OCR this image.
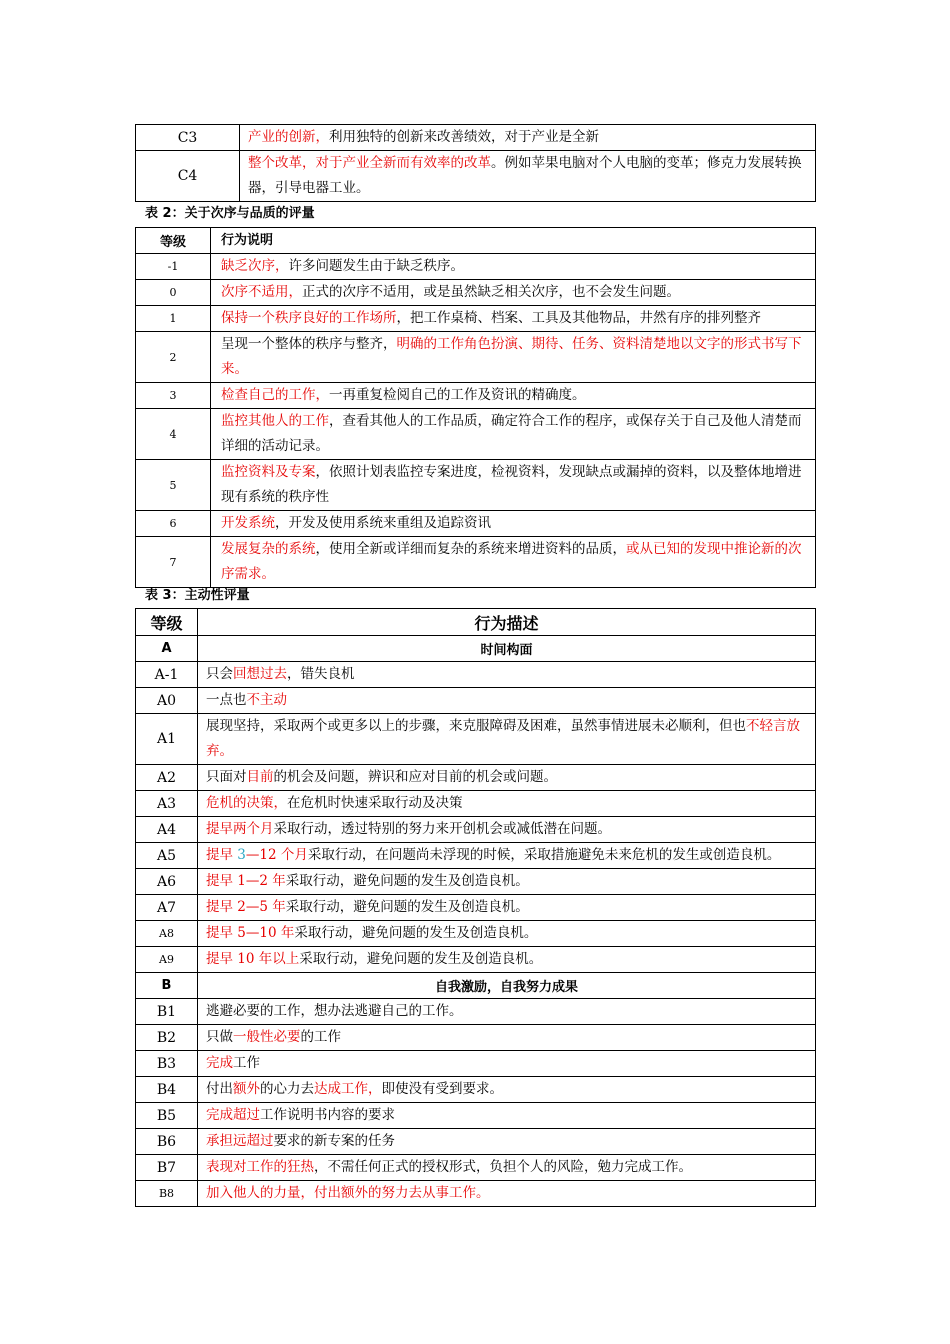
C3	产业的创新，利用独特的创新来改善绩效，对于产业是全新
C4	整个改革，对于产业全新而有效率的改革。例如苹果电脑对个人电脑的变革；修克力发展转换器，引导电器工业。
表 2：关于次序与品质的评量
等级	行为说明
-1	缺乏次序，许多问题发生由于缺乏秩序。
0	次序不适用，正式的次序不适用，或是虽然缺乏相关次序，也不会发生问题。
1	保持一个秩序良好的工作场所，把工作桌椅、档案、工具及其他物品，井然有序的排列整齐
2	呈现一个整体的秩序与整齐，明确的工作角色扮演、期待、任务、资料清楚地以文字的形式书写下来。
3	检查自己的工作，一再重复检阅自己的工作及资讯的精确度。
4	监控其他人的工作，查看其他人的工作品质，确定符合工作的程序，或保存关于自己及他人清楚而详细的活动记录。
5	监控资料及专案，依照计划表监控专案进度，检视资料，发现缺点或漏掉的资料，以及整体地增进现有系统的秩序性
6	开发系统，开发及使用系统来重组及追踪资讯
7	发展复杂的系统，使用全新或详细而复杂的系统来增进资料的品质，或从已知的发现中推论新的次序需求。
表 3：主动性评量
等级	行为描述
A	时间构面
A-1	只会回想过去，错失良机
A0	一点也不主动
A1	展现坚持，采取两个或更多以上的步骤，来克服障碍及困难，虽然事情进展未必顺利，但也不轻言放弃。
A2	只面对目前的机会及问题，辨识和应对目前的机会或问题。
A3	危机的决策，在危机时快速采取行动及决策
A4	提早两个月采取行动，透过特别的努力来开创机会或减低潜在问题。
A5	提早 3—12 个月采取行动，在问题尚未浮现的时候，采取措施避免未来危机的发生或创造良机。
A6	提早 1—2 年采取行动，避免问题的发生及创造良机。
A7	提早 2—5 年采取行动，避免问题的发生及创造良机。
A8	提早 5—10 年采取行动，避免问题的发生及创造良机。
A9	提早 10 年以上采取行动，避免问题的发生及创造良机。
B	自我激励，自我努力成果
B1	逃避必要的工作，想办法逃避自己的工作。
B2	只做一般性必要的工作
B3	完成工作
B4	付出额外的心力去达成工作，即使没有受到要求。
B5	完成超过工作说明书内容的要求
B6	承担远超过要求的新专案的任务
B7	表现对工作的狂热，不需任何正式的授权形式，负担个人的风险，勉力完成工作。
B8	加入他人的力量，付出额外的努力去从事工作。
